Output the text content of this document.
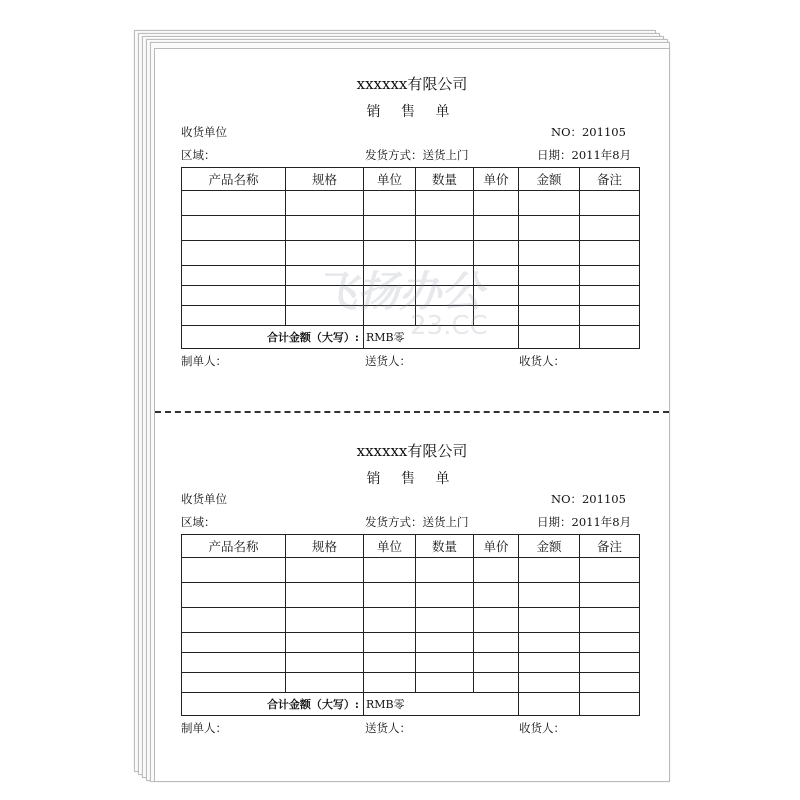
xxxxxx有限公司
销 售 单
收货单位	NO：201105
区域：	发货方式：送货上门	日期：2011年8月
产品名称	规格	单位	数量	单价	金额	备注

合计金额（大写）:		RMB零				
制单人：	送货人：	收货人：
xxxxxx有限公司
销 售 单
收货单位	NO：201105
区域：	发货方式：送货上门	日期：2011年8月
产品名称	规格	单位	数量	单价	金额	备注

合计金额（大写）:		RMB零				
制单人：	送货人：	收货人：
飞扬办公
23.CC
